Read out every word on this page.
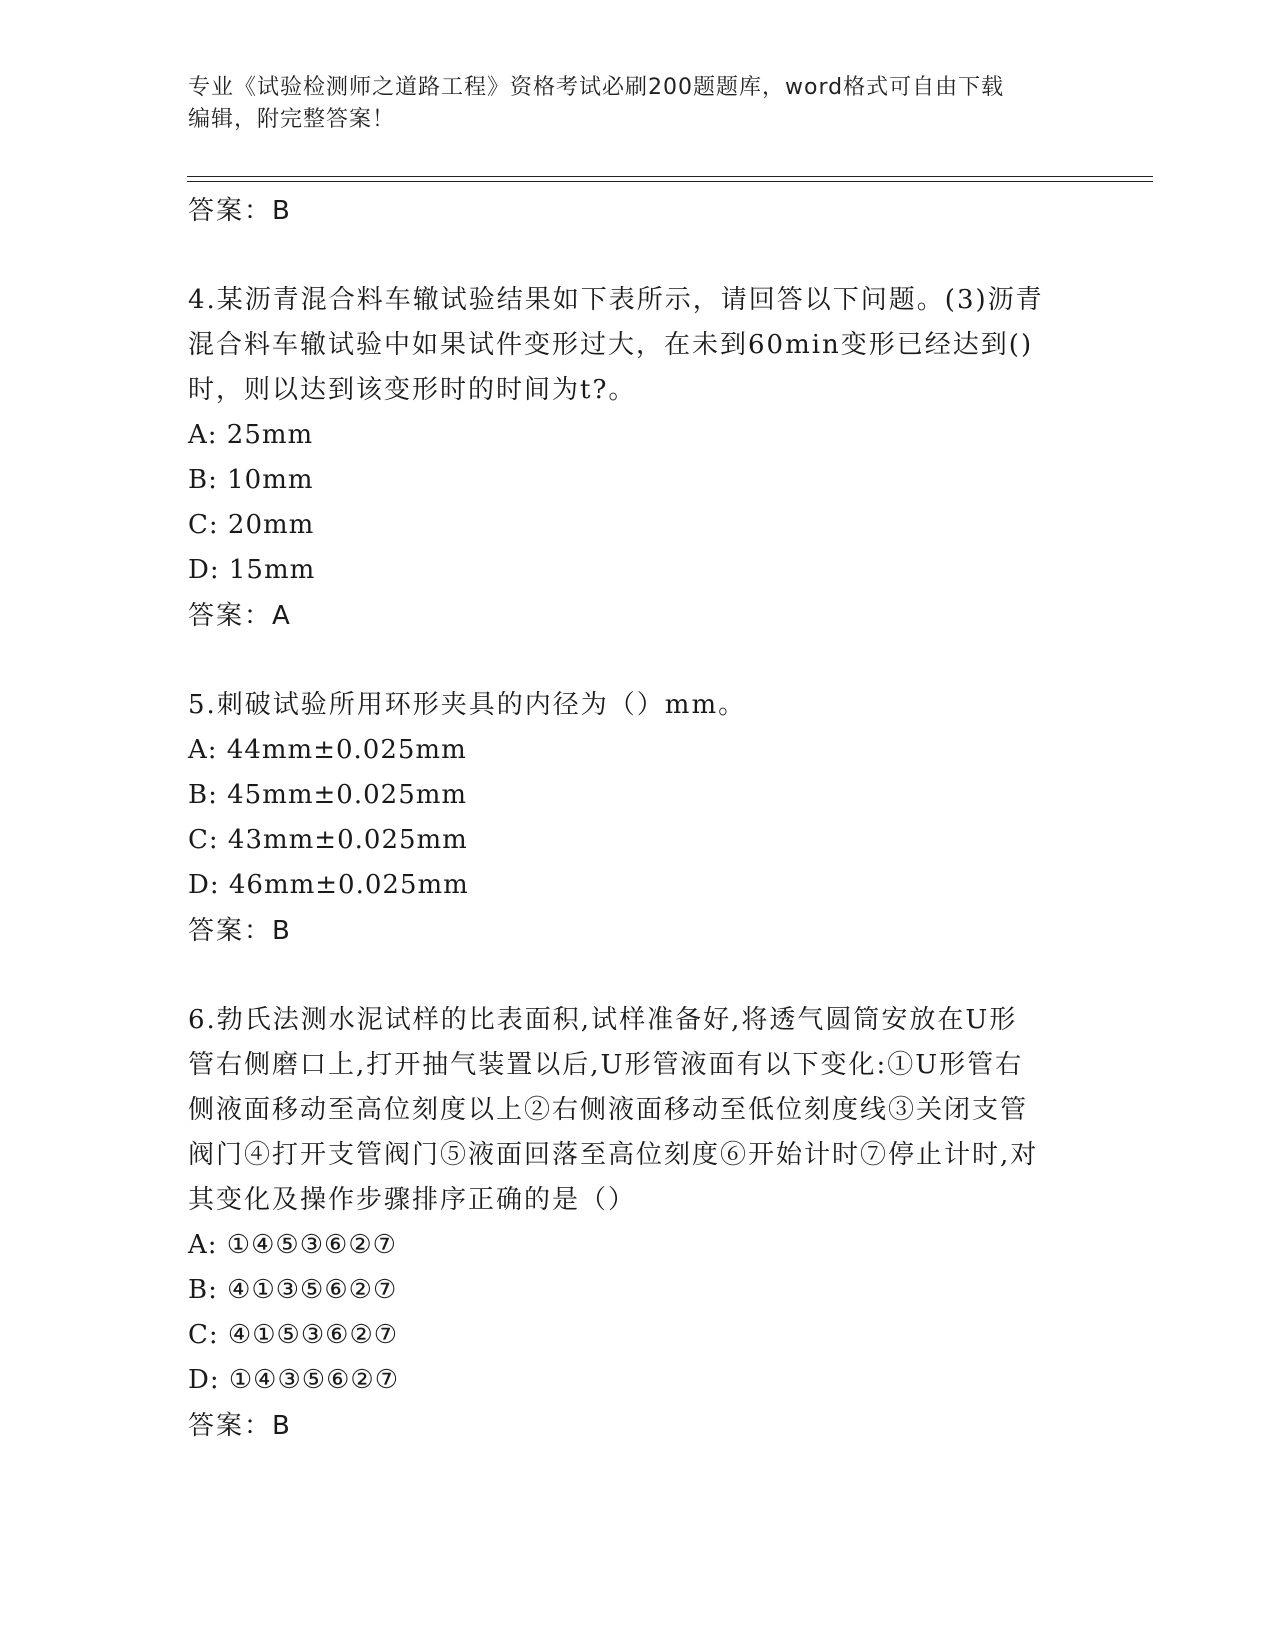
专业《试验检测师之道路工程》资格考试必刷200题题库，word格式可自由下载
编辑，附完整答案！
答案：B
4.某沥青混合料车辙试验结果如下表所示，请回答以下问题。(3)沥青
混合料车辙试验中如果试件变形过大，在未到60min变形已经达到()
时，则以达到该变形时的时间为t?。
A: 25mm
B: 10mm
C: 20mm
D: 15mm
答案：A
5.刺破试验所用环形夹具的内径为（）mm。
A: 44mm±0.025mm
B: 45mm±0.025mm
C: 43mm±0.025mm
D: 46mm±0.025mm
答案：B
6.勃氏法测水泥试样的比表面积,试样准备好,将透气圆筒安放在U形
管右侧磨口上,打开抽气装置以后,U形管液面有以下变化:①U形管右
侧液面移动至高位刻度以上②右侧液面移动至低位刻度线③关闭支管
阀门④打开支管阀门⑤液面回落至高位刻度⑥开始计时⑦停止计时,对
其变化及操作步骤排序正确的是（）
A: ①④⑤③⑥②⑦
B: ④①③⑤⑥②⑦
C: ④①⑤③⑥②⑦
D: ①④③⑤⑥②⑦
答案：B
